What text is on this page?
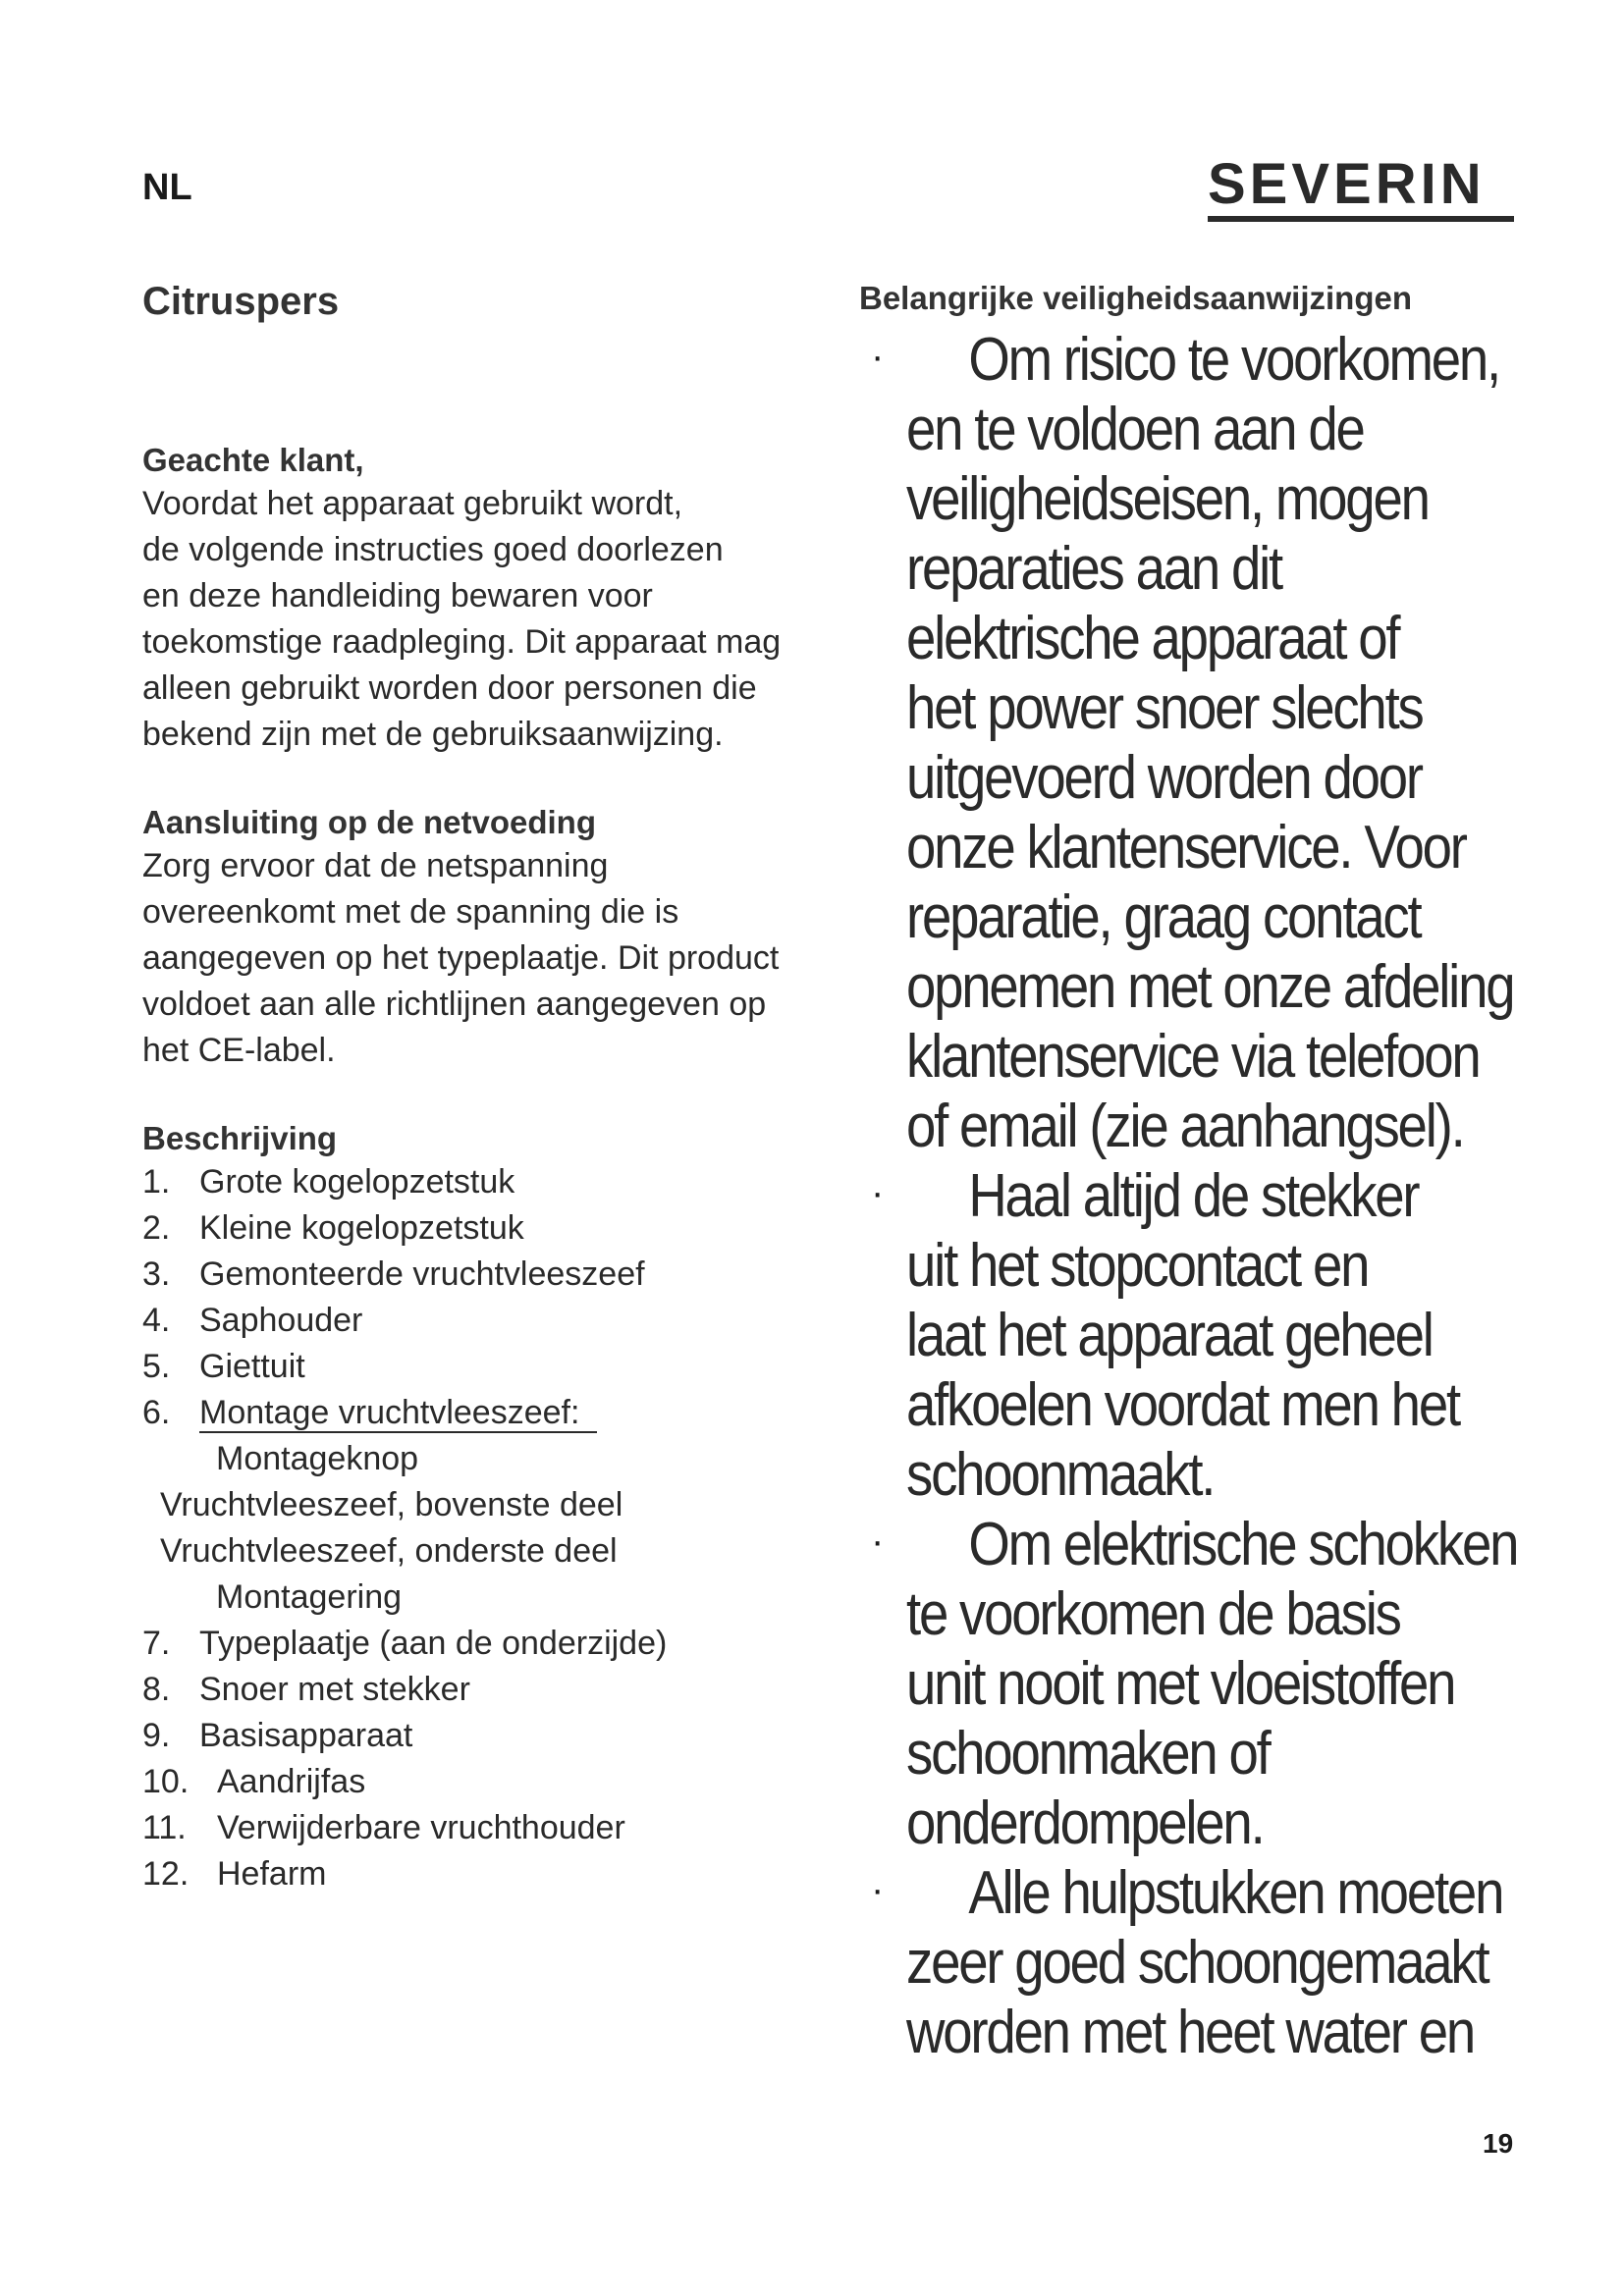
NL	SEVERIN
Citruspers
Geachte klant,
Voordat het apparaat gebruikt wordt,
de volgende instructies goed doorlezen
en deze handleiding bewaren voor
toekomstige raadpleging. Dit apparaat mag
alleen gebruikt worden door personen die
bekend zijn met de gebruiksaanwijzing.
Aansluiting op de netvoeding
Zorg ervoor dat de netspanning
overeenkomt met de spanning die is
aangegeven op het typeplaatje. Dit product
voldoet aan alle richtlijnen aangegeven op
het CE-label.
Beschrijving
1. Grote kogelopzetstuk
2. Kleine kogelopzetstuk
3. Gemonteerde vruchtvleeszeef
4. Saphouder
5. Giettuit
6. Montage vruchtvleeszeef:
Montageknop
Vruchtvleeszeef, bovenste deel
Vruchtvleeszeef, onderste deel
Montagering
7. Typeplaatje (aan de onderzijde)
8. Snoer met stekker
9. Basisapparaat
10. Aandrijfas
11. Verwijderbare vruchthouder
12. Hefarm
Belangrijke veiligheidsaanwijzingen
·	Om risico te voorkomen,
en te voldoen aan de
veiligheidseisen, mogen
reparaties aan dit
elektrische apparaat of
het power snoer slechts
uitgevoerd worden door
onze klantenservice. Voor
reparatie, graag contact
opnemen met onze afdeling
klantenservice via telefoon
of email (zie aanhangsel).
·	Haal altijd de stekker
uit het stopcontact en
laat het apparaat geheel
afkoelen voordat men het
schoonmaakt.
·	Om elektrische schokken
te voorkomen de basis
unit nooit met vloeistoffen
schoonmaken of
onderdompelen.
·	Alle hulpstukken moeten
zeer goed schoongemaakt
worden met heet water en
19
